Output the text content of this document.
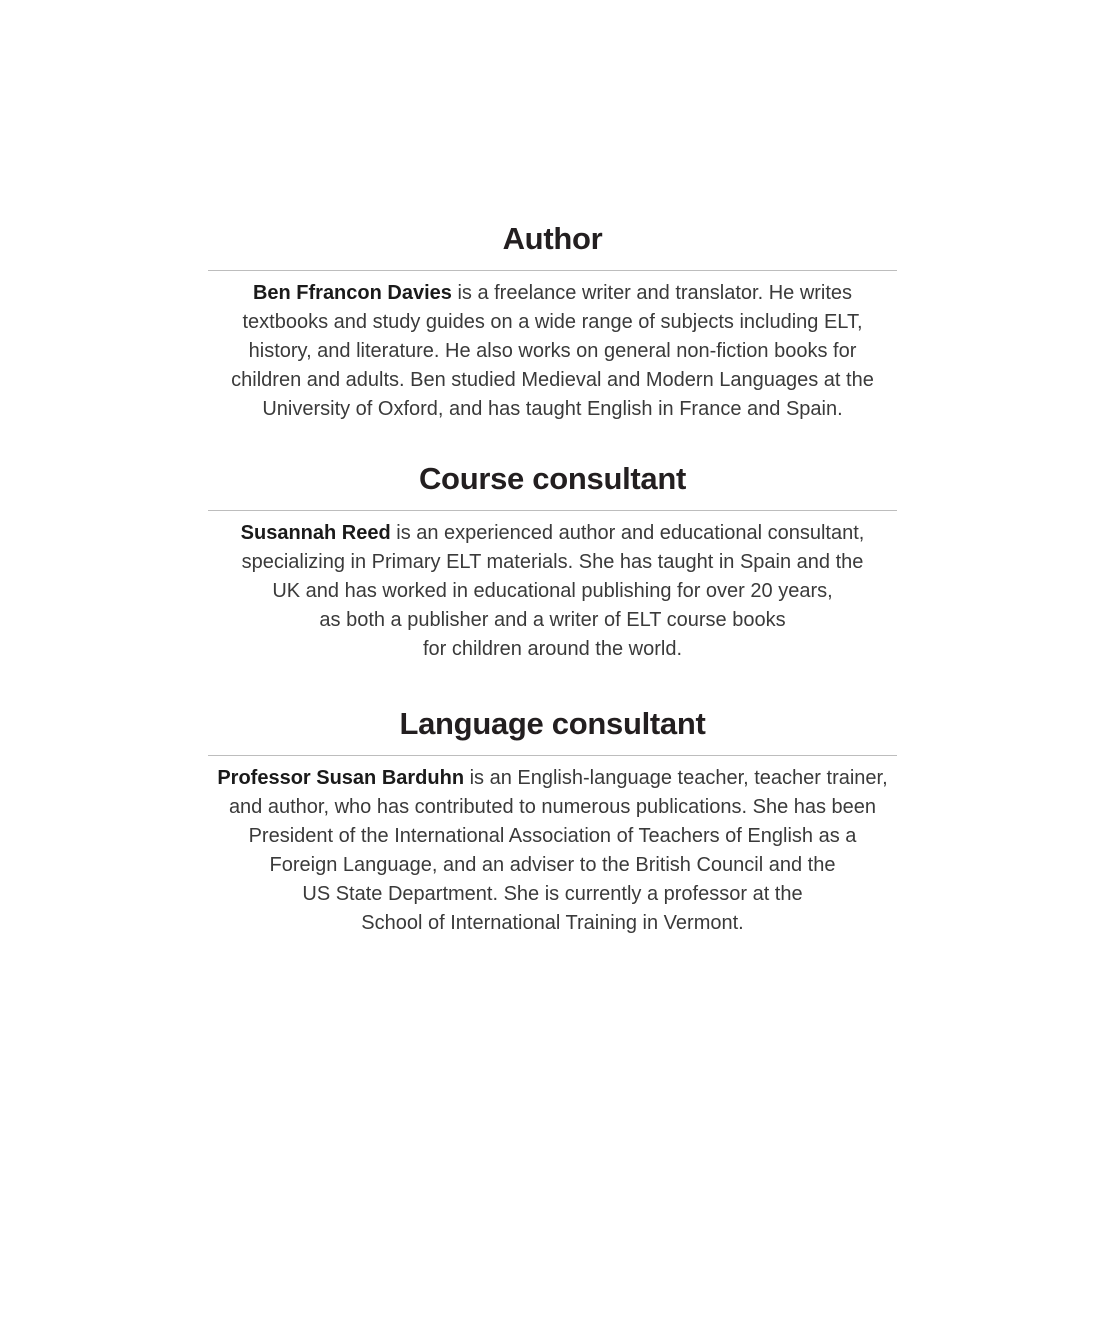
Author

Ben Ffrancon Davies is a freelance writer and translator. He writes
textbooks and study guides on a wide range of subjects including ELT,
history, and literature. He also works on general non-fiction books for
children and adults. Ben studied Medieval and Modern Languages at the
University of Oxford, and has taught English in France and Spain.

Course consultant

Susannah Reed is an experienced author and educational consultant,
specializing in Primary ELT materials. She has taught in Spain and the
UK and has worked in educational publishing for over 20 years,
as both a publisher and a writer of ELT course books
for children around the world.

Language consultant

Professor Susan Barduhn is an English-language teacher, teacher trainer,
and author, who has contributed to numerous publications. She has been
President of the International Association of Teachers of English as a
Foreign Language, and an adviser to the British Council and the
US State Department. She is currently a professor at the
School of International Training in Vermont.
